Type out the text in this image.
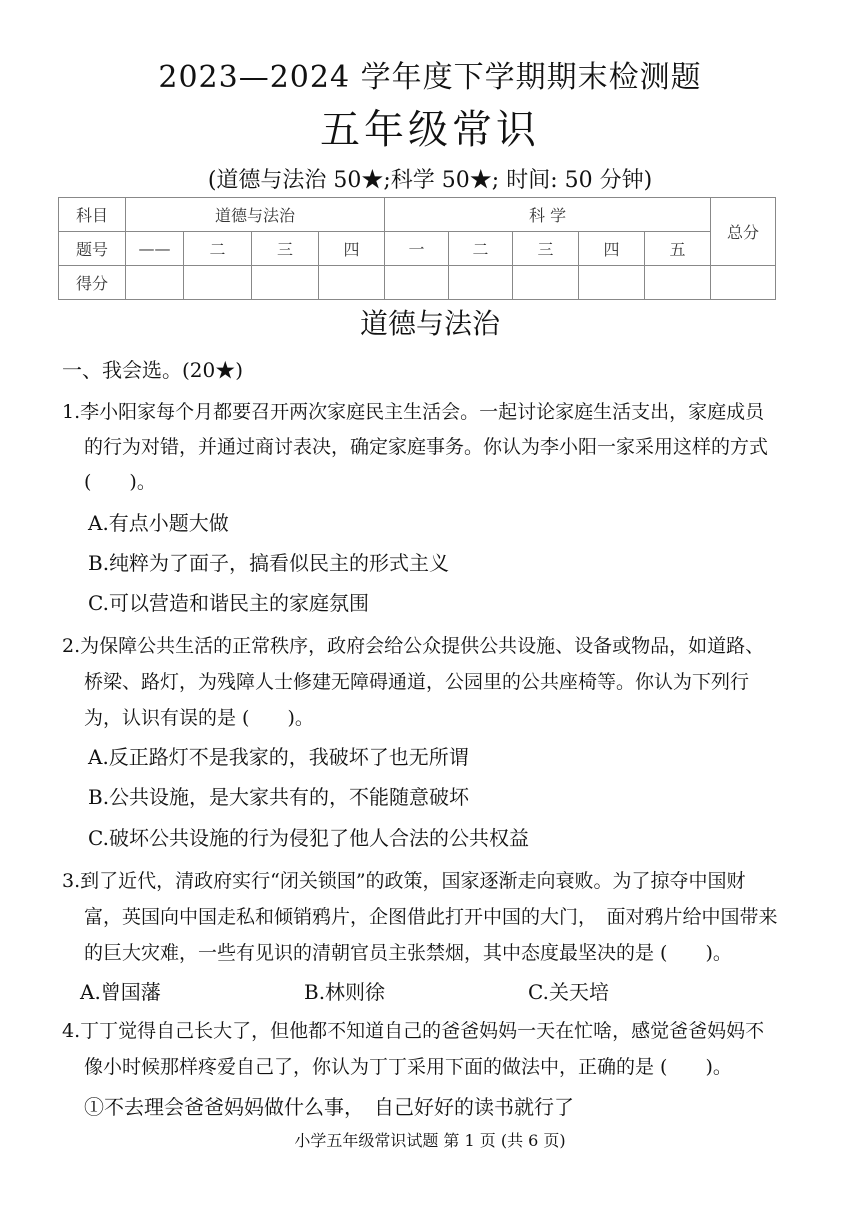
2023—2024 学年度下学期期末检测题
五年级常识
(道德与法治 50★;科学 50★; 时间: 50 分钟)
科目	道德与法治				科 学					总分
题号	——	二	三	四	一	二	三	四	五	
得分										
道德与法治
一、我会选。(20★)
1.李小阳家每个月都要召开两次家庭民主生活会。一起讨论家庭生活支出，家庭成员
的行为对错，并通过商讨表决，确定家庭事务。你认为李小阳一家采用这样的方式
(　　)。
A.有点小题大做
B.纯粹为了面子，搞看似民主的形式主义
C.可以营造和谐民主的家庭氛围
2.为保障公共生活的正常秩序，政府会给公众提供公共设施、设备或物品，如道路、
桥梁、路灯，为残障人士修建无障碍通道，公园里的公共座椅等。你认为下列行
为，认识有误的是 (　　)。
A.反正路灯不是我家的，我破坏了也无所谓
B.公共设施，是大家共有的，不能随意破坏
C.破坏公共设施的行为侵犯了他人合法的公共权益
3.到了近代，清政府实行“闭关锁国”的政策，国家逐渐走向衰败。为了掠夺中国财
富，英国向中国走私和倾销鸦片，企图借此打开中国的大门，　面对鸦片给中国带来
的巨大灾难，一些有见识的清朝官员主张禁烟，其中态度最坚决的是 (　　)。
A.曾国藩	B.林则徐	C.关天培
4.丁丁觉得自己长大了，但他都不知道自己的爸爸妈妈一天在忙啥，感觉爸爸妈妈不
像小时候那样疼爱自己了，你认为丁丁采用下面的做法中，正确的是 (　　)。
①不去理会爸爸妈妈做什么事，　自己好好的读书就行了
小学五年级常识试题 第 1 页 (共 6 页)
